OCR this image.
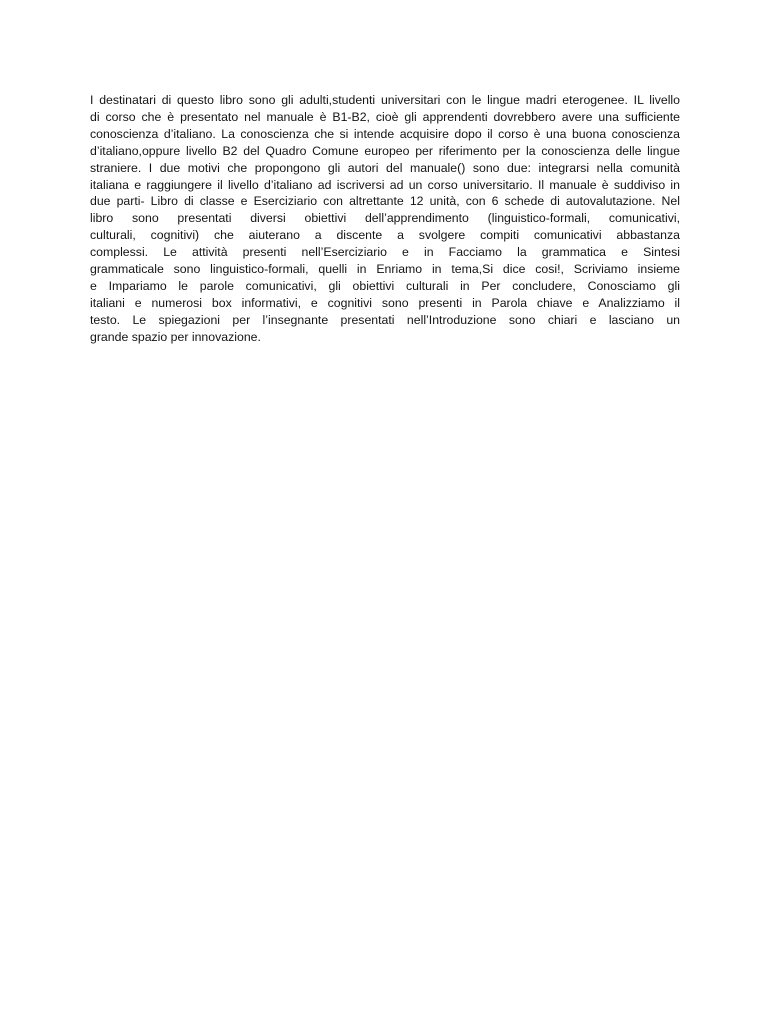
I destinatari di questo libro sono gli adulti,studenti universitari con le lingue madri eterogenee. IL livello
di corso che è presentato nel manuale è B1-B2, cioè gli apprendenti dovrebbero avere una sufficiente
conoscienza d’italiano. La conoscienza che si intende acquisire dopo il corso è una buona conoscienza
d’italiano,oppure livello B2 del Quadro Comune europeo per riferimento per la conoscienza delle lingue
straniere. I due motivi che propongono gli autori del manuale() sono due: integrarsi nella comunità
italiana e raggiungere il livello d’italiano ad iscriversi ad un corso universitario. Il manuale è suddiviso in
due parti- Libro di classe e Eserciziario con altrettante 12 unità, con 6 schede di autovalutazione. Nel
libro sono presentati diversi obiettivi dell’apprendimento (linguistico-formali, comunicativi,
culturali, cognitivi) che aiuterano a discente a svolgere compiti comunicativi abbastanza
complessi. Le attività presenti nell’Eserciziario e in Facciamo la grammatica e Sintesi
grammaticale sono linguistico-formali, quelli in Enriamo in tema,Si dice cosi!, Scriviamo insieme
e Impariamo le parole comunicativi, gli obiettivi culturali in Per concludere, Conosciamo gli
italiani e numerosi box informativi, e cognitivi sono presenti in Parola chiave e Analizziamo il
testo. Le spiegazioni per l’insegnante presentati nell’Introduzione sono chiari e lasciano un
grande spazio per innovazione.
